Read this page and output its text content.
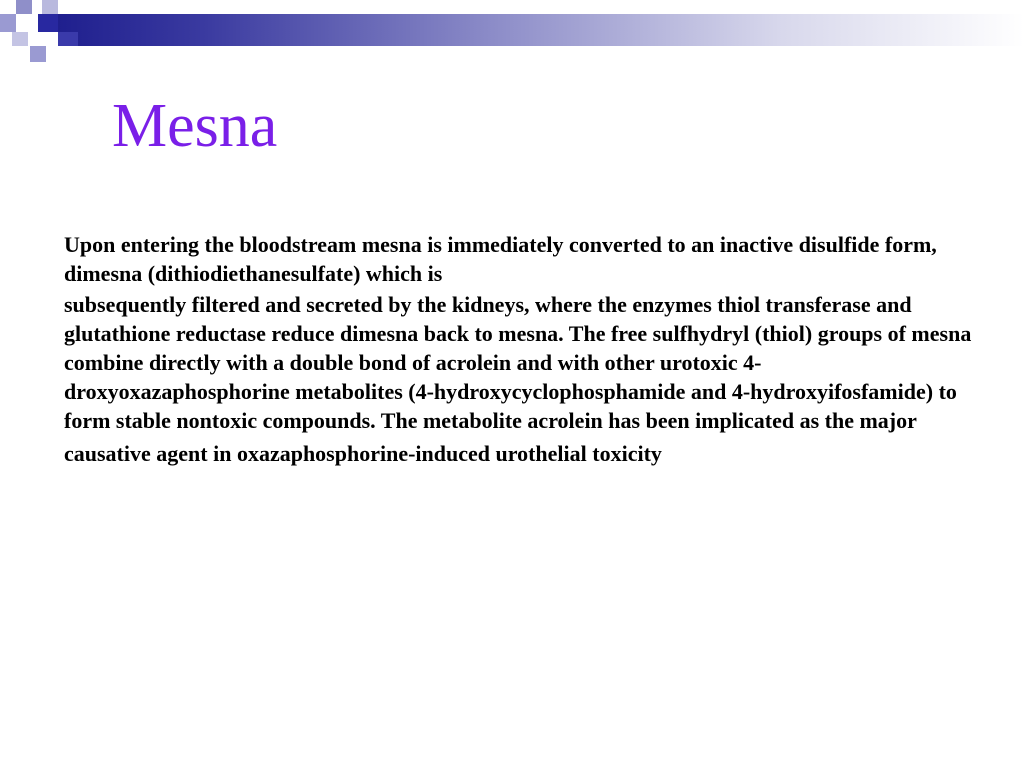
Mesna

Upon entering the bloodstream mesna is immediately converted to an inactive disulfide form, dimesna (dithiodiethanesulfate) which is

subsequently filtered and secreted by the kidneys, where the enzymes thiol transferase and glutathione reductase reduce dimesna back to mesna. The free sulfhydryl (thiol) groups of mesna combine directly with a double bond of acrolein and with other urotoxic 4-droxyoxazaphosphorine metabolites (4-hydroxycyclophosphamide and 4-hydroxyifosfamide) to form stable nontoxic compounds. The metabolite acrolein has been implicated as the major

causative agent in oxazaphosphorine-induced urothelial toxicity
